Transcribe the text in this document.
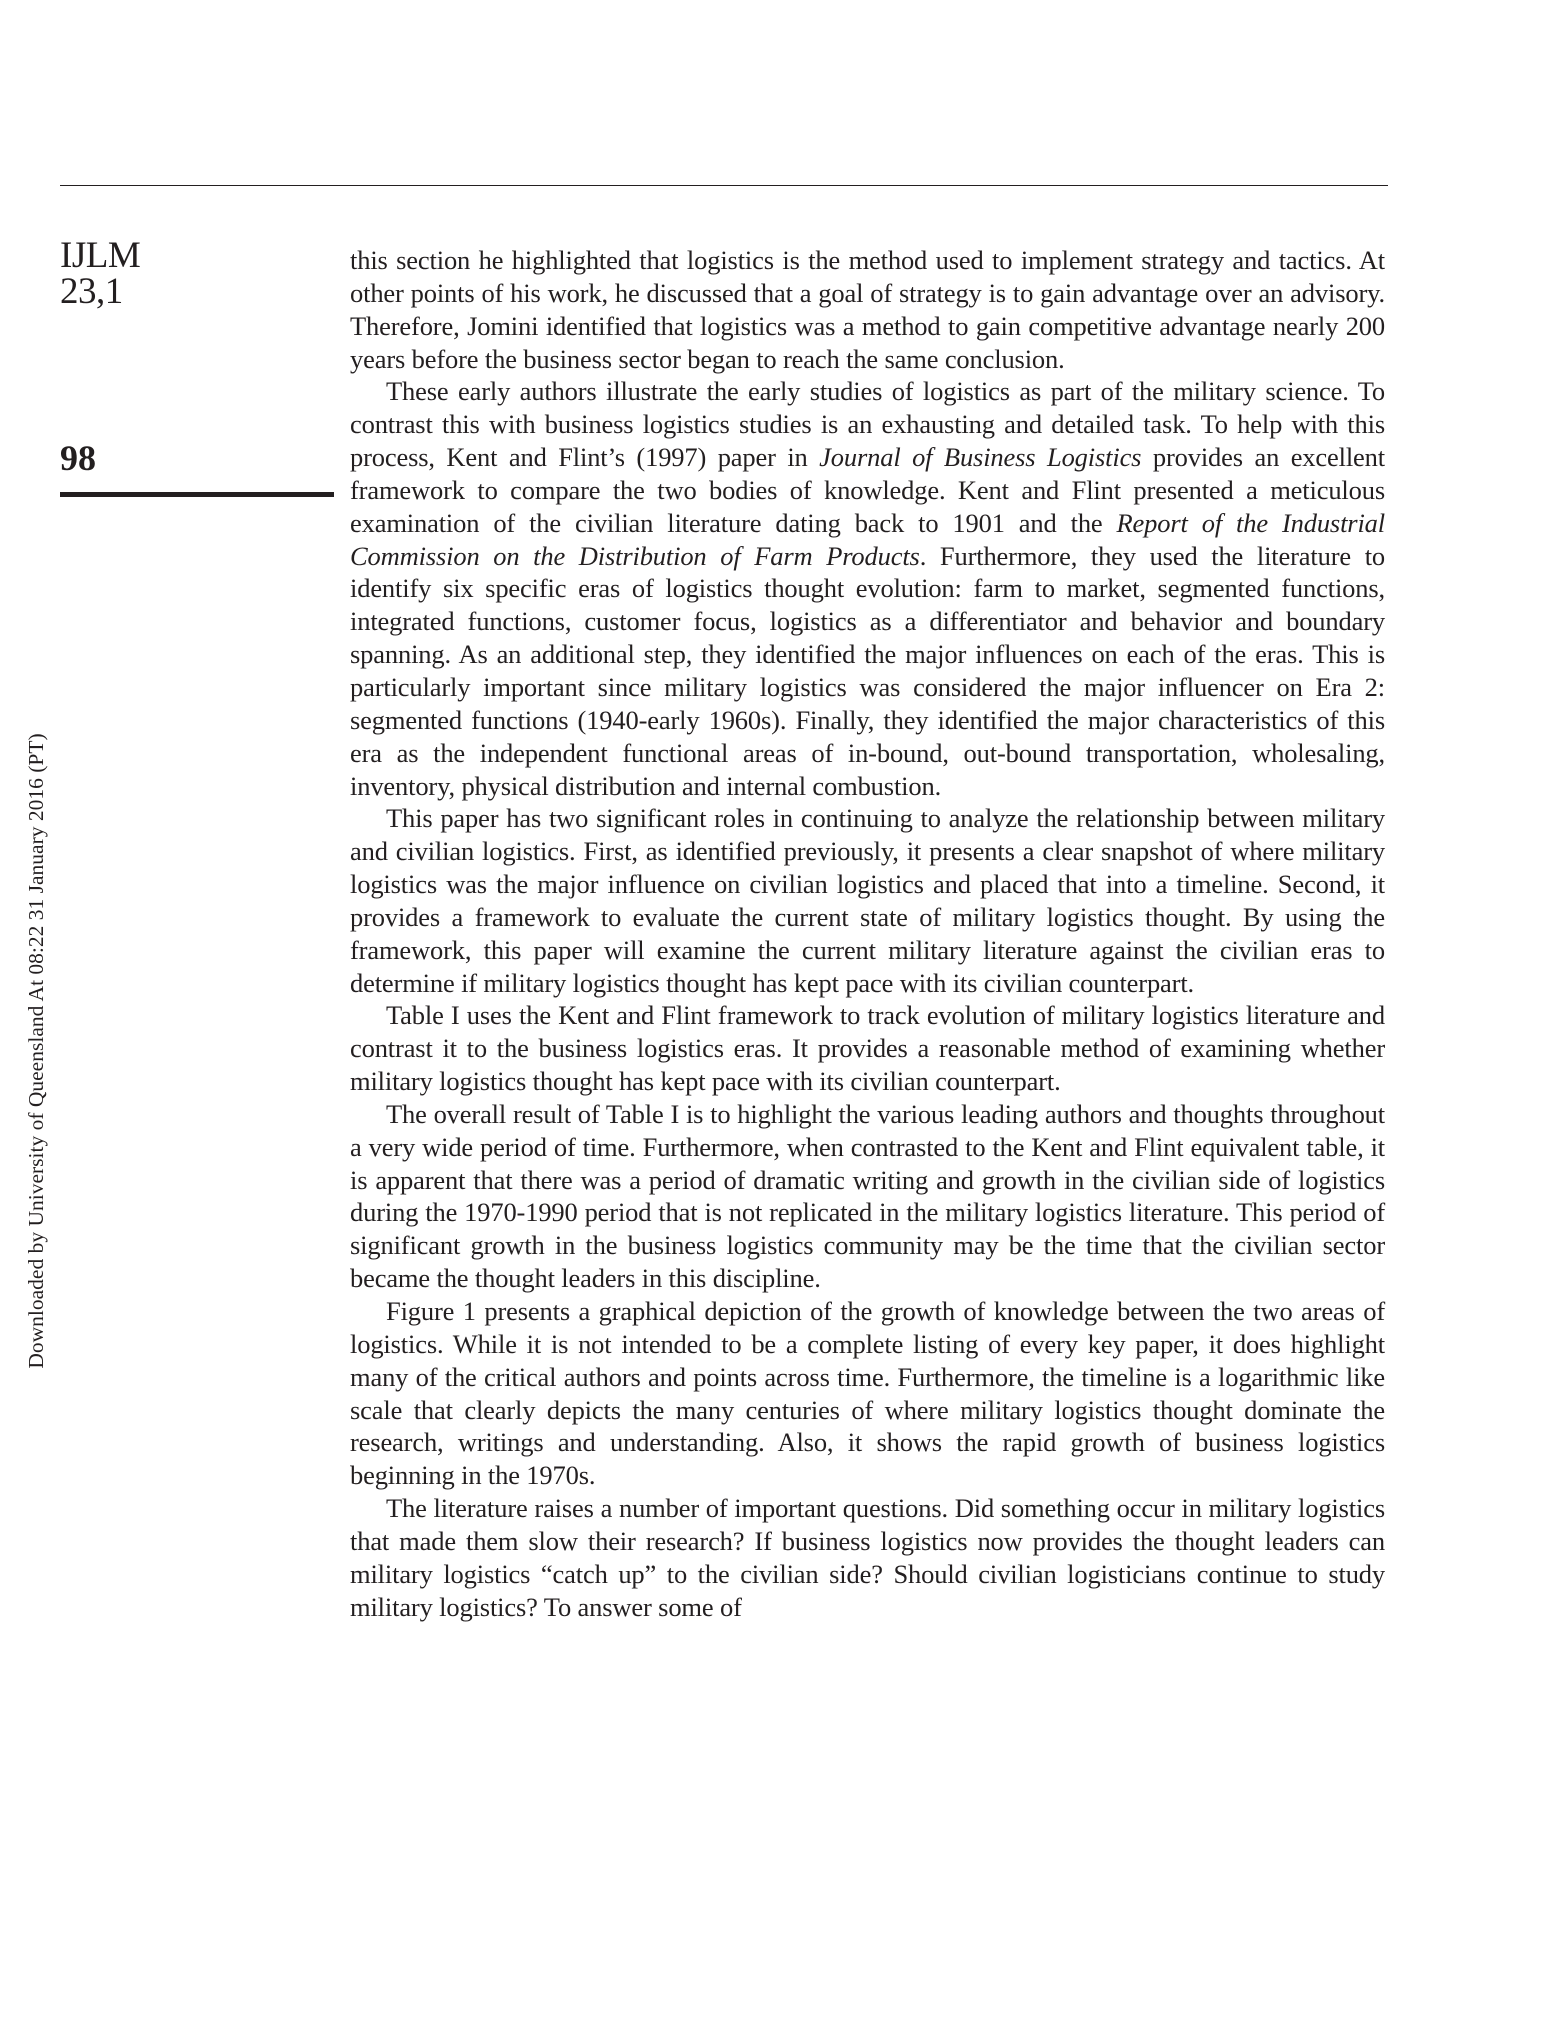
IJLM
23,1
98
Downloaded by University of Queensland At 08:22 31 January 2016 (PT)

this section he highlighted that logistics is the method used to implement strategy and tactics. At other points of his work, he discussed that a goal of strategy is to gain advantage over an advisory. Therefore, Jomini identified that logistics was a method to gain competitive advantage nearly 200 years before the business sector began to reach the same conclusion.

These early authors illustrate the early studies of logistics as part of the military science. To contrast this with business logistics studies is an exhausting and detailed task. To help with this process, Kent and Flint’s (1997) paper in Journal of Business Logistics provides an excellent framework to compare the two bodies of knowledge. Kent and Flint presented a meticulous examination of the civilian literature dating back to 1901 and the Report of the Industrial Commission on the Distribution of Farm Products. Furthermore, they used the literature to identify six specific eras of logistics thought evolution: farm to market, segmented functions, integrated functions, customer focus, logistics as a differentiator and behavior and boundary spanning. As an additional step, they identified the major influences on each of the eras. This is particularly important since military logistics was considered the major influencer on Era 2: segmented functions (1940-early 1960s). Finally, they identified the major characteristics of this era as the independent functional areas of in-bound, out-bound transportation, wholesaling, inventory, physical distribution and internal combustion.

This paper has two significant roles in continuing to analyze the relationship between military and civilian logistics. First, as identified previously, it presents a clear snapshot of where military logistics was the major influence on civilian logistics and placed that into a timeline. Second, it provides a framework to evaluate the current state of military logistics thought. By using the framework, this paper will examine the current military literature against the civilian eras to determine if military logistics thought has kept pace with its civilian counterpart.

Table I uses the Kent and Flint framework to track evolution of military logistics literature and contrast it to the business logistics eras. It provides a reasonable method of examining whether military logistics thought has kept pace with its civilian counterpart.

The overall result of Table I is to highlight the various leading authors and thoughts throughout a very wide period of time. Furthermore, when contrasted to the Kent and Flint equivalent table, it is apparent that there was a period of dramatic writing and growth in the civilian side of logistics during the 1970-1990 period that is not replicated in the military logistics literature. This period of significant growth in the business logistics community may be the time that the civilian sector became the thought leaders in this discipline.

Figure 1 presents a graphical depiction of the growth of knowledge between the two areas of logistics. While it is not intended to be a complete listing of every key paper, it does highlight many of the critical authors and points across time. Furthermore, the timeline is a logarithmic like scale that clearly depicts the many centuries of where military logistics thought dominate the research, writings and understanding. Also, it shows the rapid growth of business logistics beginning in the 1970s.

The literature raises a number of important questions. Did something occur in military logistics that made them slow their research? If business logistics now provides the thought leaders can military logistics “catch up” to the civilian side? Should civilian logisticians continue to study military logistics? To answer some of
